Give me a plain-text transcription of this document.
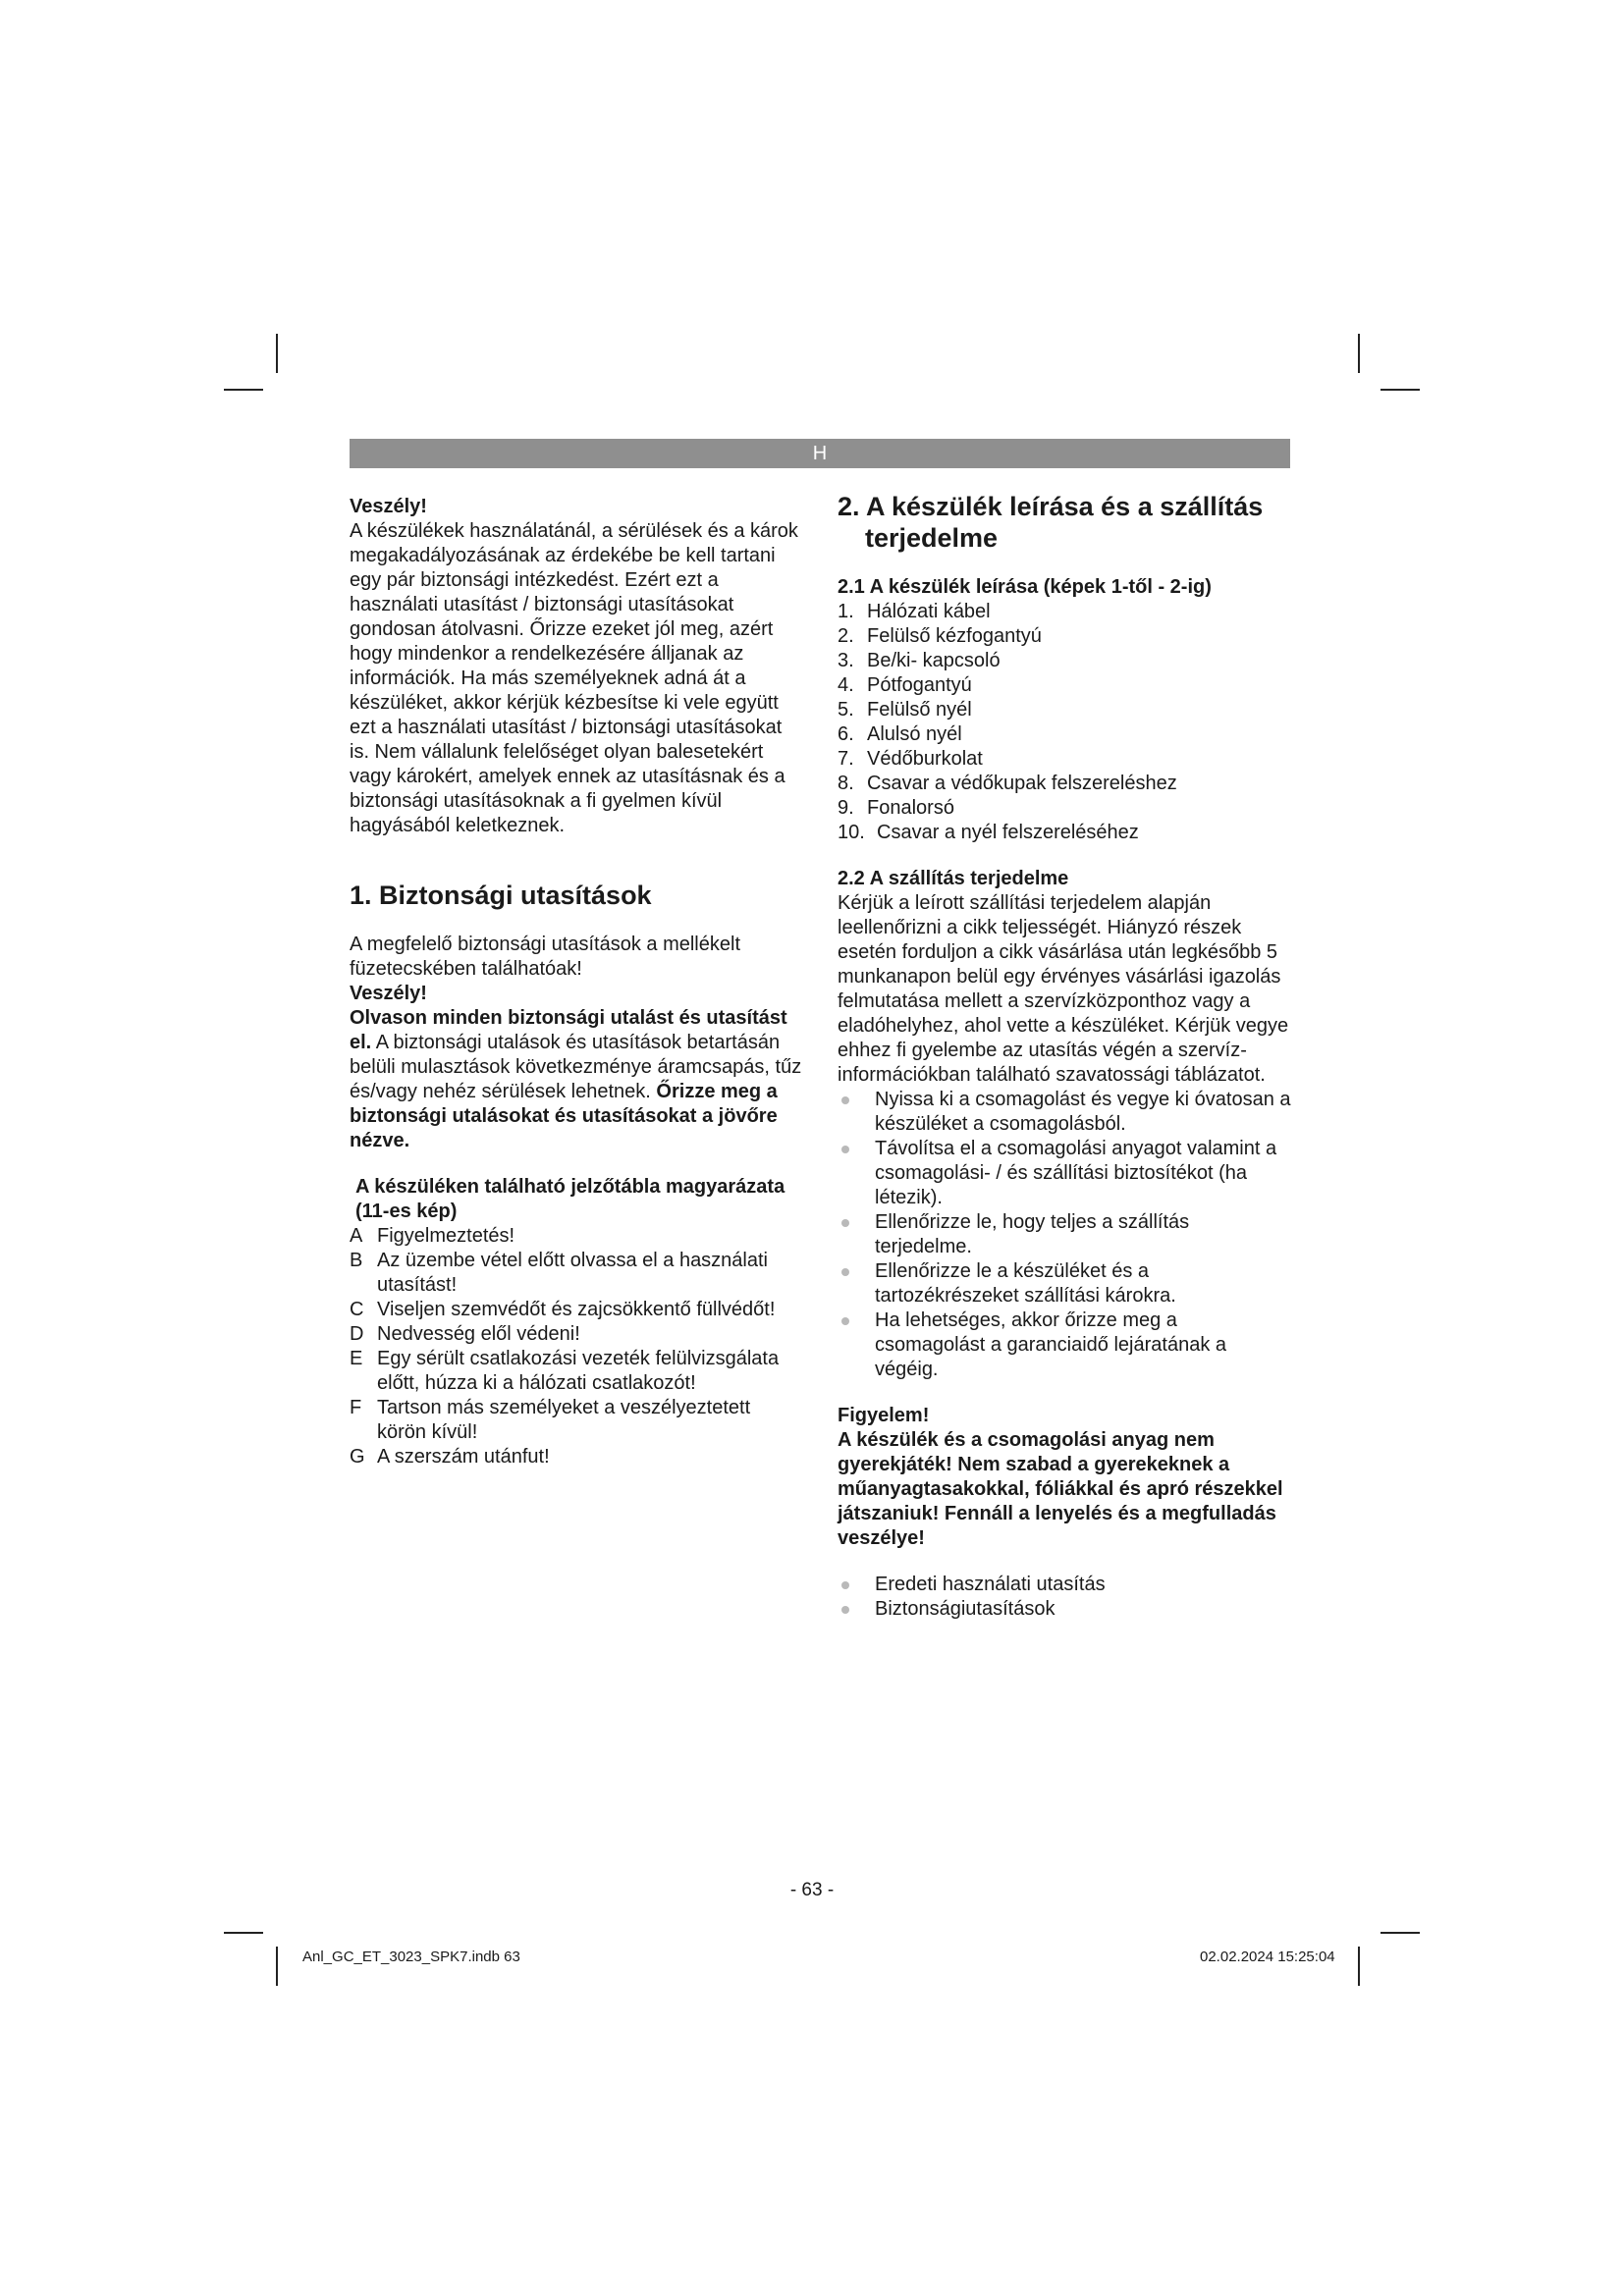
H

Veszély!

A készülékek használatánál, a sérülések és a károk megakadályozásának az érdekébe be kell tartani egy pár biztonsági intézkedést. Ezért ezt a használati utasítást / biztonsági utasításokat gondosan átolvasni. Őrizze ezeket jól meg, azért hogy mindenkor a rendelkezésére álljanak az információk. Ha más személyeknek adná át a készüléket, akkor kérjük kézbesítse ki vele együtt ezt a használati utasítást / biztonsági utasításokat is. Nem vállalunk felelőséget olyan balesetekért vagy károkért, amelyek ennek az utasításnak és a biztonsági utasításoknak a fi gyelmen kívül hagyásából keletkeznek.

1. Biztonsági utasítások

A megfelelő biztonsági utasítások a mellékelt füzetecskében találhatóak!

Veszély!

Olvason minden biztonsági utalást és utasítást el. A biztonsági utalások és utasítások betartásán belüli mulasztások következménye áramcsapás, tűz és/vagy nehéz sérülések lehetnek. Őrizze meg a biztonsági utalásokat és utasításokat a jövőre nézve.

A készüléken található jelzőtábla magyarázata (11-es kép)
A Figyelmeztetés!
B Az üzembe vétel előtt olvassa el a használati utasítást!
C Viseljen szemvédőt és zajcsökkentő füllvédőt!
D Nedvesség elől védeni!
E Egy sérült csatlakozási vezeték felülvizsgálata előtt, húzza ki a hálózati csatlakozót!
F Tartson más személyeket a veszélyeztetett körön kívül!
G A szerszám utánfut!
2. A készülék leírása és a szállítás terjedelme
2.1 A készülék leírása (képek 1-től - 2-ig)
1. Hálózati kábel
2. Felülső kézfogantyú
3. Be/ki- kapcsoló
4. Pótfogantyú
5. Felülső nyél
6. Alulsó nyél
7. Védőburkolat
8. Csavar a védőkupak felszereléshez
9. Fonalorsó
10. Csavar a nyél felszereléséhez
2.2 A szállítás terjedelme

Kérjük a leírott szállítási terjedelem alapján leellenőrizni a cikk teljességét. Hiányzó részek esetén forduljon a cikk vásárlása után legkésőbb 5 munkanapon belül egy érvényes vásárlási igazolás felmutatása mellett a szervízközponthoz vagy a eladóhelyhez, ahol vette a készüléket. Kérjük vegye ehhez fi gyelembe az utasítás végén a szervíz-információkban található szavatossági táblázatot.

Nyissa ki a csomagolást és vegye ki óvatosan a készüléket a csomagolásból.
Távolítsa el a csomagolási anyagot valamint a csomagolási- / és szállítási biztosítékot (ha létezik).
Ellenőrizze le, hogy teljes a szállítás terjedelme.
Ellenőrizze le a készüléket és a tartozékrészeket szállítási károkra.
Ha lehetséges, akkor őrizze meg a csomagolást a garanciaidő lejáratának a végéig.

Figyelem!

A készülék és a csomagolási anyag nem gyerekjáték! Nem szabad a gyerekeknek a műanyagtasakokkal, fóliákkal és apró részekkel játszaniuk! Fennáll a lenyelés és a megfulladás veszélye!

Eredeti használati utasítás
Biztonságiutasítások
- 63 -
Anl_GC_ET_3023_SPK7.indb 63	02.02.2024 15:25:04
